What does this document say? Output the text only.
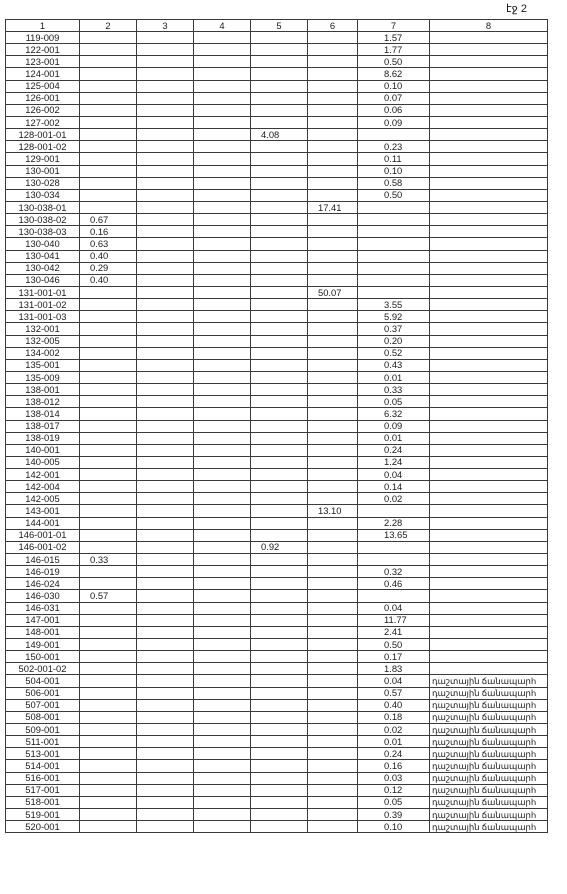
էջ 2
1	2	3	4	5	6	7	8
119-009						1.57	
122-001						1.77	
123-001						0.50	
124-001						8.62	
125-004						0.10	
126-001						0.07	
126-002						0.06	
127-002						0.09	
128-001-01				4.08			
128-001-02						0.23	
129-001						0.11	
130-001						0.10	
130-028						0.58	
130-034						0.50	
130-038-01					17.41		
130-038-02	0.67						
130-038-03	0.16						
130-040	0.63						
130-041	0.40						
130-042	0.29						
130-046	0.40						
131-001-01					50.07		
131-001-02						3.55	
131-001-03						5.92	
132-001						0.37	
132-005						0.20	
134-002						0.52	
135-001						0.43	
135-009						0.01	
138-001						0.33	
138-012						0.05	
138-014						6.32	
138-017						0.09	
138-019						0.01	
140-001						0.24	
140-005						1.24	
142-001						0.04	
142-004						0.14	
142-005						0.02	
143-001					13.10		
144-001						2.28	
146-001-01						13.65	
146-001-02				0.92			
146-015	0.33						
146-019						0.32	
146-024						0.46	
146-030	0.57						
146-031						0.04	
147-001						11.77	
148-001						2.41	
149-001						0.50	
150-001						0.17	
502-001-02						1.83	
504-001						0.04	դաշտային ճանապարհ
506-001						0.57	դաշտային ճանապարհ
507-001						0.40	դաշտային ճանապարհ
508-001						0.18	դաշտային ճանապարհ
509-001						0.02	դաշտային ճանապարհ
511-001						0.01	դաշտային ճանապարհ
513-001						0.24	դաշտային ճանապարհ
514-001						0.16	դաշտային ճանապարհ
516-001						0.03	դաշտային ճանապարհ
517-001						0.12	դաշտային ճանապարհ
518-001						0.05	դաշտային ճանապարհ
519-001						0.39	դաշտային ճանապարհ
520-001						0.10	դաշտային ճանապարհ
